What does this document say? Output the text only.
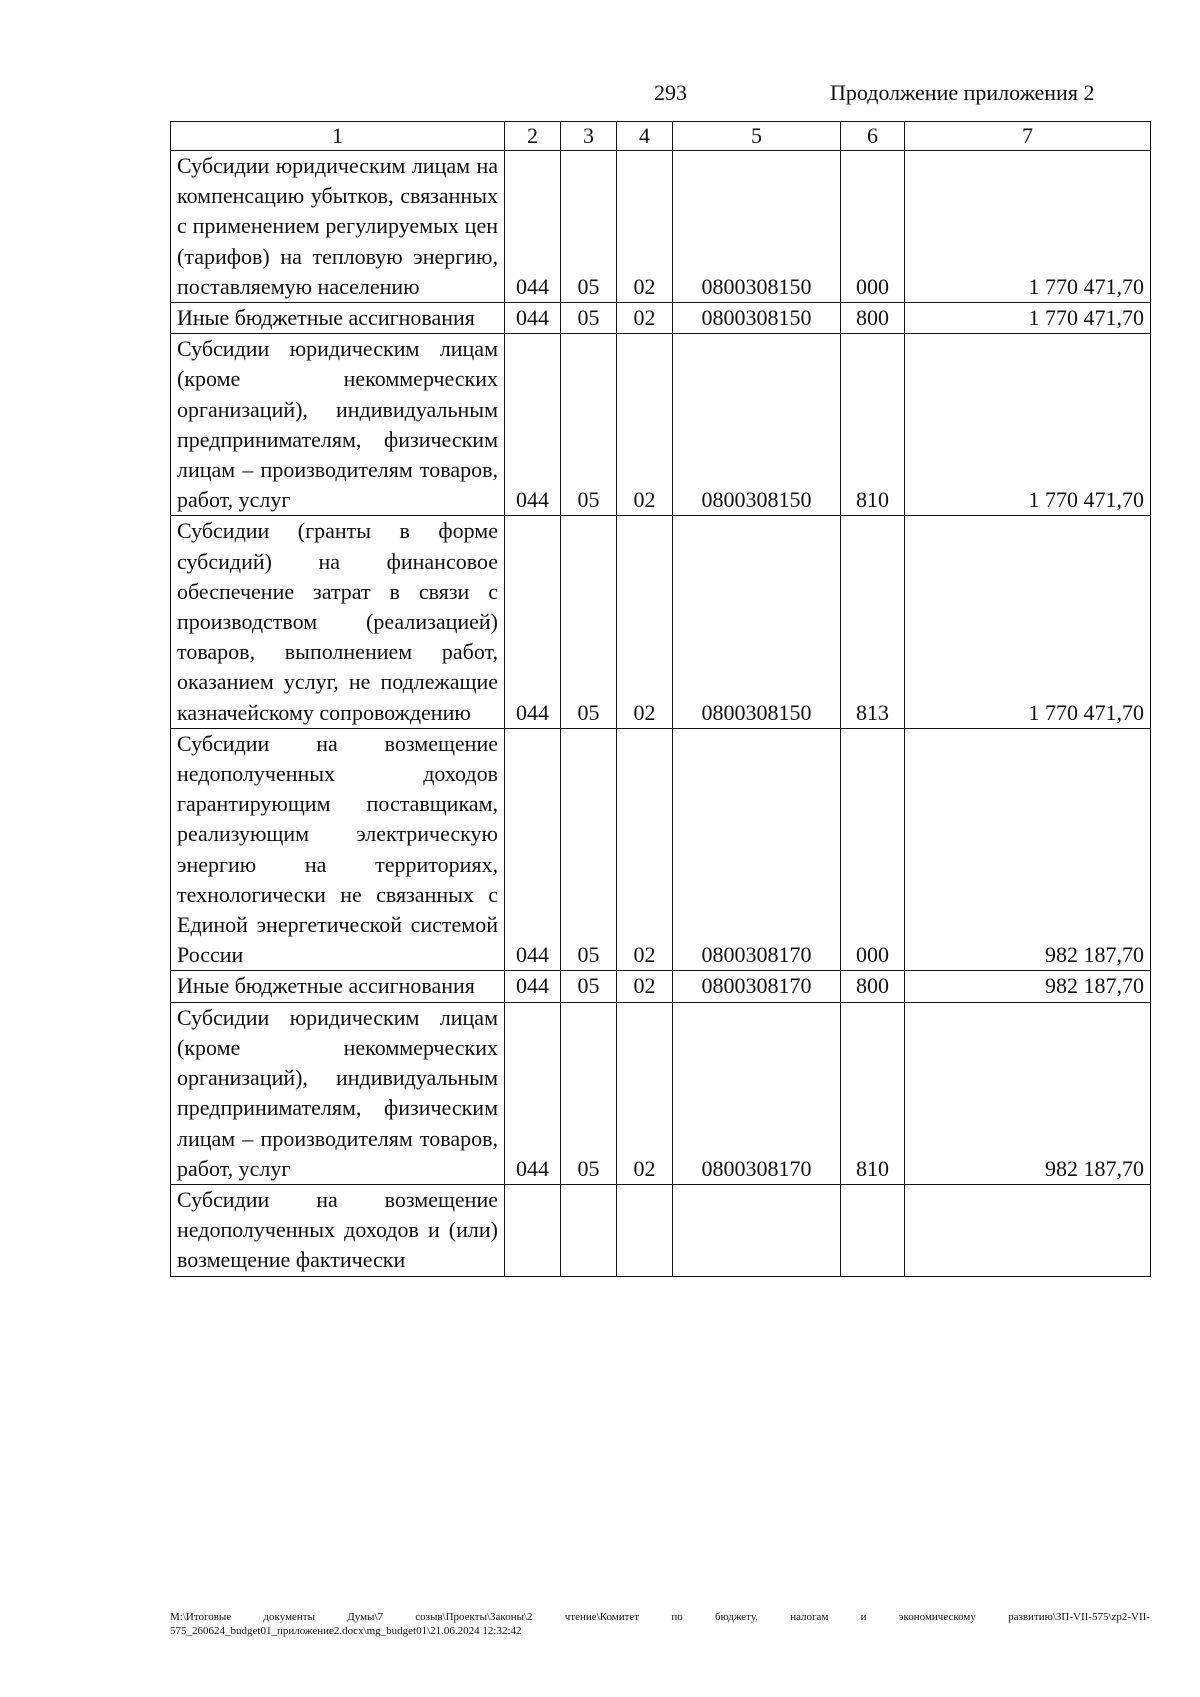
293	Продолжение приложения 2
1	2	3	4	5	6	7
Субсидии юридическим лицам на компенсацию убытков, связанных с применением регулируемых цен (тарифов) на тепловую энергию, поставляемую населению	044	05	02	0800308150	000	1 770 471,70
Иные бюджетные ассигнования	044	05	02	0800308150	800	1 770 471,70
Субсидии юридическим лицам (кроме некоммерческих организаций), индивидуальным предпринимателям, физическим лицам – производителям товаров, работ, услуг	044	05	02	0800308150	810	1 770 471,70
Субсидии (гранты в форме субсидий) на финансовое обеспечение затрат в связи с производством (реализацией) товаров, выполнением работ, оказанием услуг, не подлежащие казначейскому сопровождению	044	05	02	0800308150	813	1 770 471,70
Субсидии на возмещение недополученных доходов гарантирующим поставщикам, реализующим электрическую энергию на территориях, технологически не связанных с Единой энергетической системой России	044	05	02	0800308170	000	982 187,70
Иные бюджетные ассигнования	044	05	02	0800308170	800	982 187,70
Субсидии юридическим лицам (кроме некоммерческих организаций), индивидуальным предпринимателям, физическим лицам – производителям товаров, работ, услуг	044	05	02	0800308170	810	982 187,70
Субсидии на возмещение недополученных доходов и (или) возмещение фактически						
M:\Итоговые документы Думы\7 созыв\Проекты\Законы\2 чтение\Комитет по бюджету, налогам и экономическому развитию\ЗП-VII-575\zp2-VII-575_260624_budget01_приложение2.docx\mg_budget01\21.06.2024 12:32:42
